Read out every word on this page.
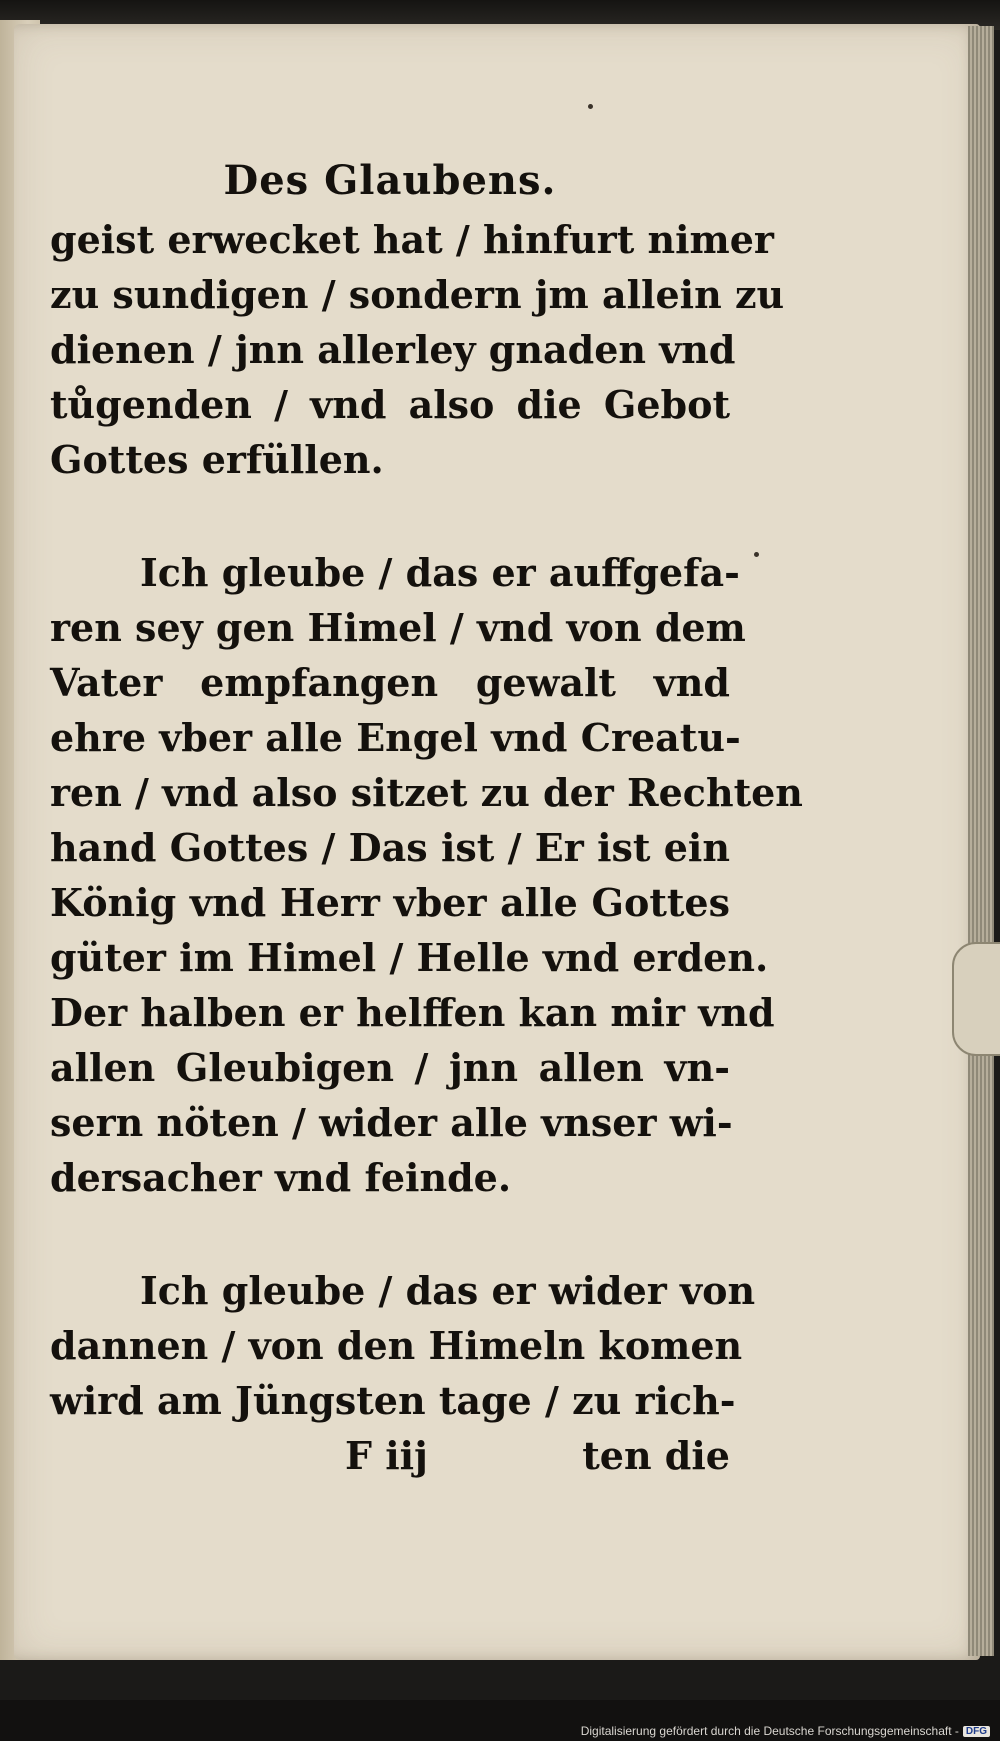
Des Glaubens.
geist erwecket hat / hinfurt nimer
zu sundigen / sondern jm allein zu
dienen / jnn allerley gnaden vnd
tůgenden / vnd also die Gebot
Gottes erfüllen.
Ich gleube / das er auffgefa-
ren sey gen Himel / vnd von dem
Vater empfangen gewalt vnd
ehre vber alle Engel vnd Creatu-
ren / vnd also sitzet zu der Rechten
hand Gottes / Das ist / Er ist ein
König vnd Herr vber alle Gottes
güter im Himel / Helle vnd erden.
Der halben er helffen kan mir vnd
allen Gleubigen / jnn allen vn-
sern nöten / wider alle vnser wi-
dersacher vnd feinde.
Ich gleube / das er wider von
dannen / von den Himeln komen
wird am Jüngsten tage / zu rich-
F iij	ten die
Digitalisierung gefördert durch die Deutsche Forschungsgemeinschaft - DFG
